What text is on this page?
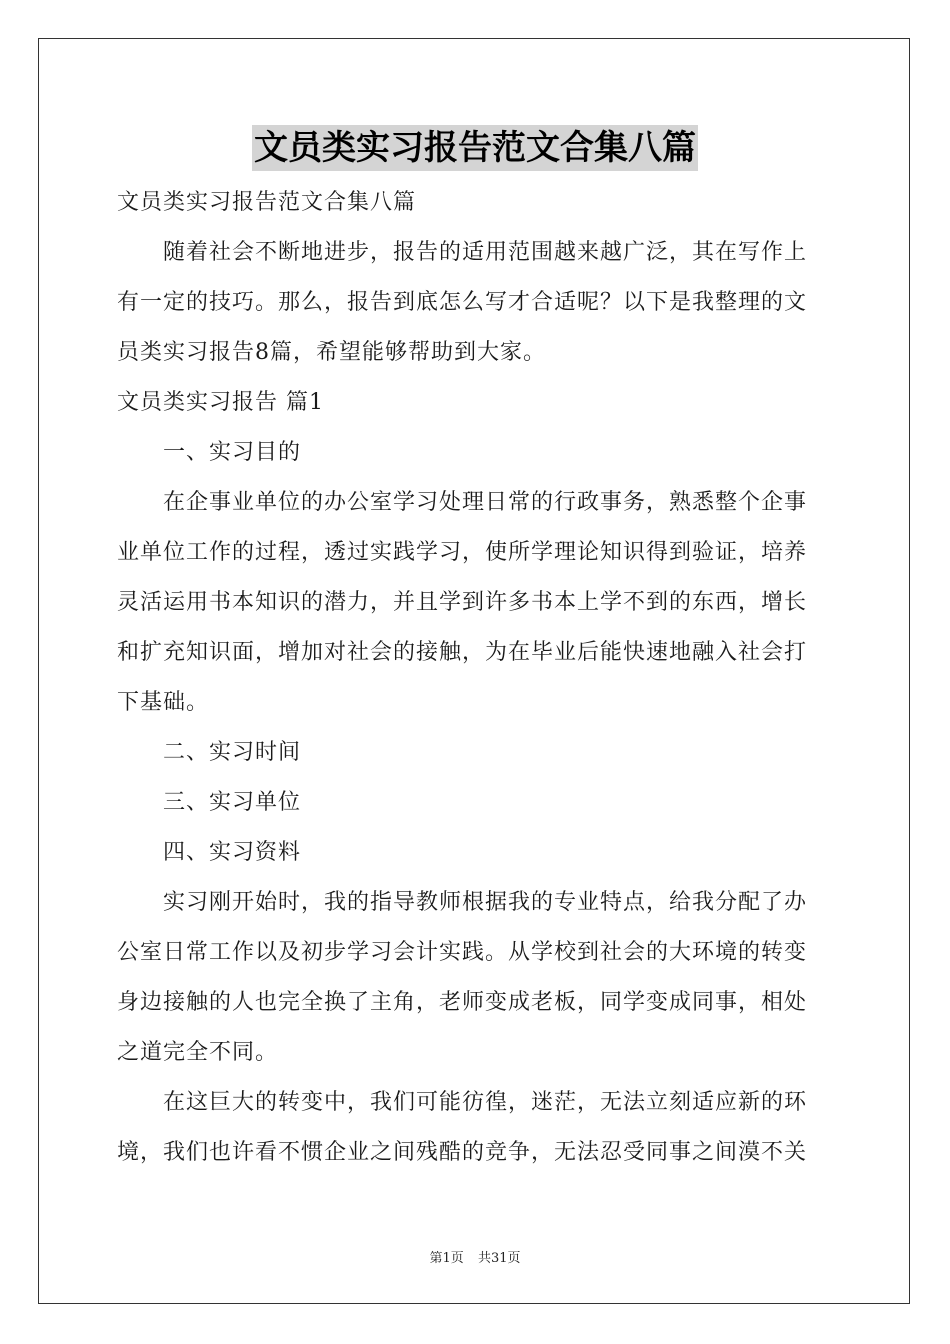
文员类实习报告范文合集八篇
文员类实习报告范文合集八篇
随着社会不断地进步，报告的适用范围越来越广泛，其在写作上
有一定的技巧。那么，报告到底怎么写才合适呢？以下是我整理的文
员类实习报告8篇，希望能够帮助到大家。
文员类实习报告 篇1
一、实习目的
在企事业单位的办公室学习处理日常的行政事务，熟悉整个企事
业单位工作的过程，透过实践学习，使所学理论知识得到验证，培养
灵活运用书本知识的潜力，并且学到许多书本上学不到的东西，增长
和扩充知识面，增加对社会的接触，为在毕业后能快速地融入社会打
下基础。
二、实习时间
三、实习单位
四、实习资料
实习刚开始时，我的指导教师根据我的专业特点，给我分配了办
公室日常工作以及初步学习会计实践。从学校到社会的大环境的转变
身边接触的人也完全换了主角，老师变成老板，同学变成同事，相处
之道完全不同。
在这巨大的转变中，我们可能彷徨，迷茫，无法立刻适应新的环
境，我们也许看不惯企业之间残酷的竞争，无法忍受同事之间漠不关
第1页 共31页
